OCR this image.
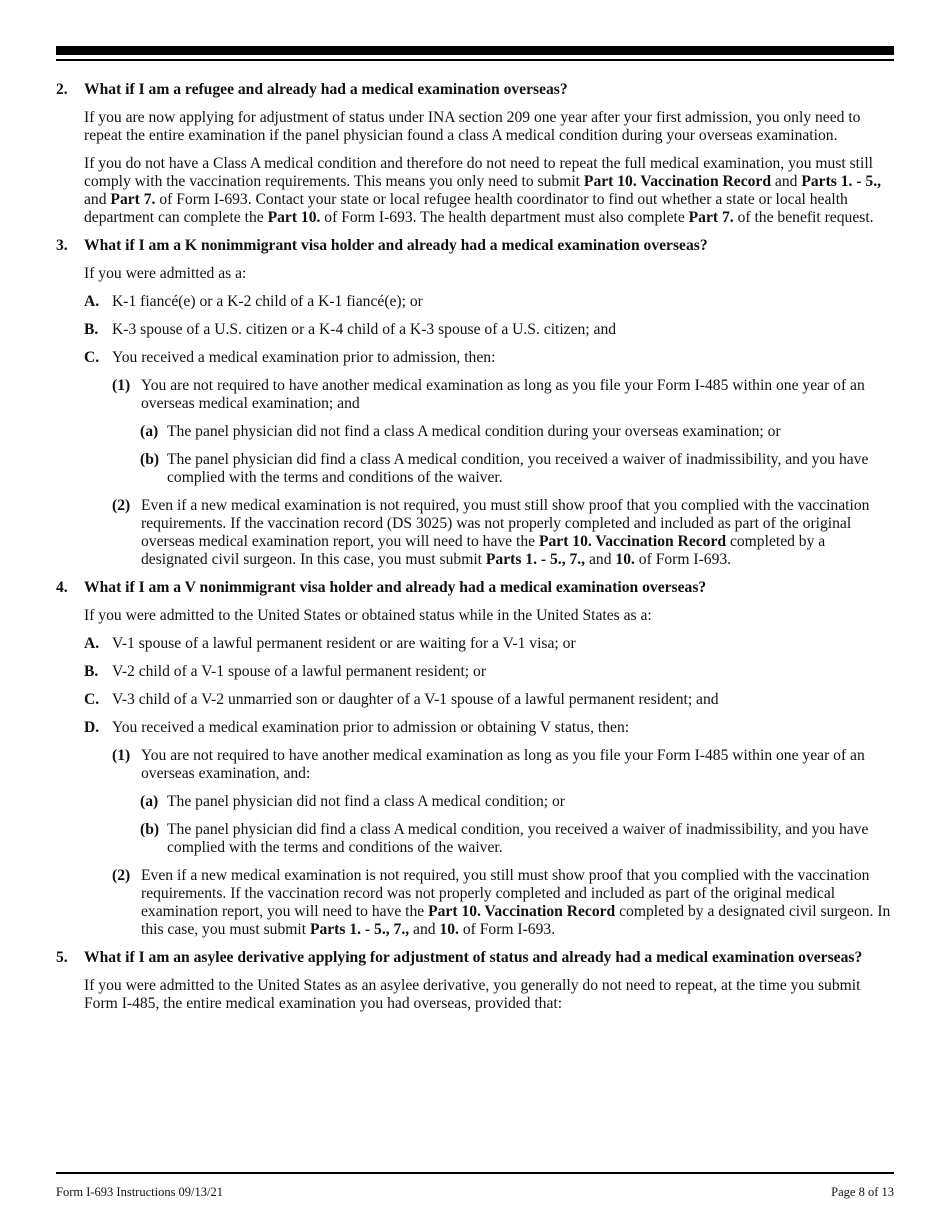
2. What if I am a refugee and already had a medical examination overseas?
If you are now applying for adjustment of status under INA section 209 one year after your first admission, you only need to repeat the entire examination if the panel physician found a class A medical condition during your overseas examination.
If you do not have a Class A medical condition and therefore do not need to repeat the full medical examination, you must still comply with the vaccination requirements. This means you only need to submit Part 10. Vaccination Record and Parts 1. - 5., and Part 7. of Form I-693. Contact your state or local refugee health coordinator to find out whether a state or local health department can complete the Part 10. of Form I-693. The health department must also complete Part 7. of the benefit request.
3. What if I am a K nonimmigrant visa holder and already had a medical examination overseas?
If you were admitted as a:
A. K-1 fiancé(e) or a K-2 child of a K-1 fiancé(e); or
B. K-3 spouse of a U.S. citizen or a K-4 child of a K-3 spouse of a U.S. citizen; and
C. You received a medical examination prior to admission, then:
(1) You are not required to have another medical examination as long as you file your Form I-485 within one year of an overseas medical examination; and
(a) The panel physician did not find a class A medical condition during your overseas examination; or
(b) The panel physician did find a class A medical condition, you received a waiver of inadmissibility, and you have complied with the terms and conditions of the waiver.
(2) Even if a new medical examination is not required, you must still show proof that you complied with the vaccination requirements. If the vaccination record (DS 3025) was not properly completed and included as part of the original overseas medical examination report, you will need to have the Part 10. Vaccination Record completed by a designated civil surgeon. In this case, you must submit Parts 1. - 5., 7., and 10. of Form I-693.
4. What if I am a V nonimmigrant visa holder and already had a medical examination overseas?
If you were admitted to the United States or obtained status while in the United States as a:
A. V-1 spouse of a lawful permanent resident or are waiting for a V-1 visa; or
B. V-2 child of a V-1 spouse of a lawful permanent resident; or
C. V-3 child of a V-2 unmarried son or daughter of a V-1 spouse of a lawful permanent resident; and
D. You received a medical examination prior to admission or obtaining V status, then:
(1) You are not required to have another medical examination as long as you file your Form I-485 within one year of an overseas examination, and:
(a) The panel physician did not find a class A medical condition; or
(b) The panel physician did find a class A medical condition, you received a waiver of inadmissibility, and you have complied with the terms and conditions of the waiver.
(2) Even if a new medical examination is not required, you still must show proof that you complied with the vaccination requirements. If the vaccination record was not properly completed and included as part of the original medical examination report, you will need to have the Part 10. Vaccination Record completed by a designated civil surgeon. In this case, you must submit Parts 1. - 5., 7., and 10. of Form I-693.
5. What if I am an asylee derivative applying for adjustment of status and already had a medical examination overseas?
If you were admitted to the United States as an asylee derivative, you generally do not need to repeat, at the time you submit Form I-485, the entire medical examination you had overseas, provided that:
Form I-693 Instructions 09/13/21	Page 8 of 13
